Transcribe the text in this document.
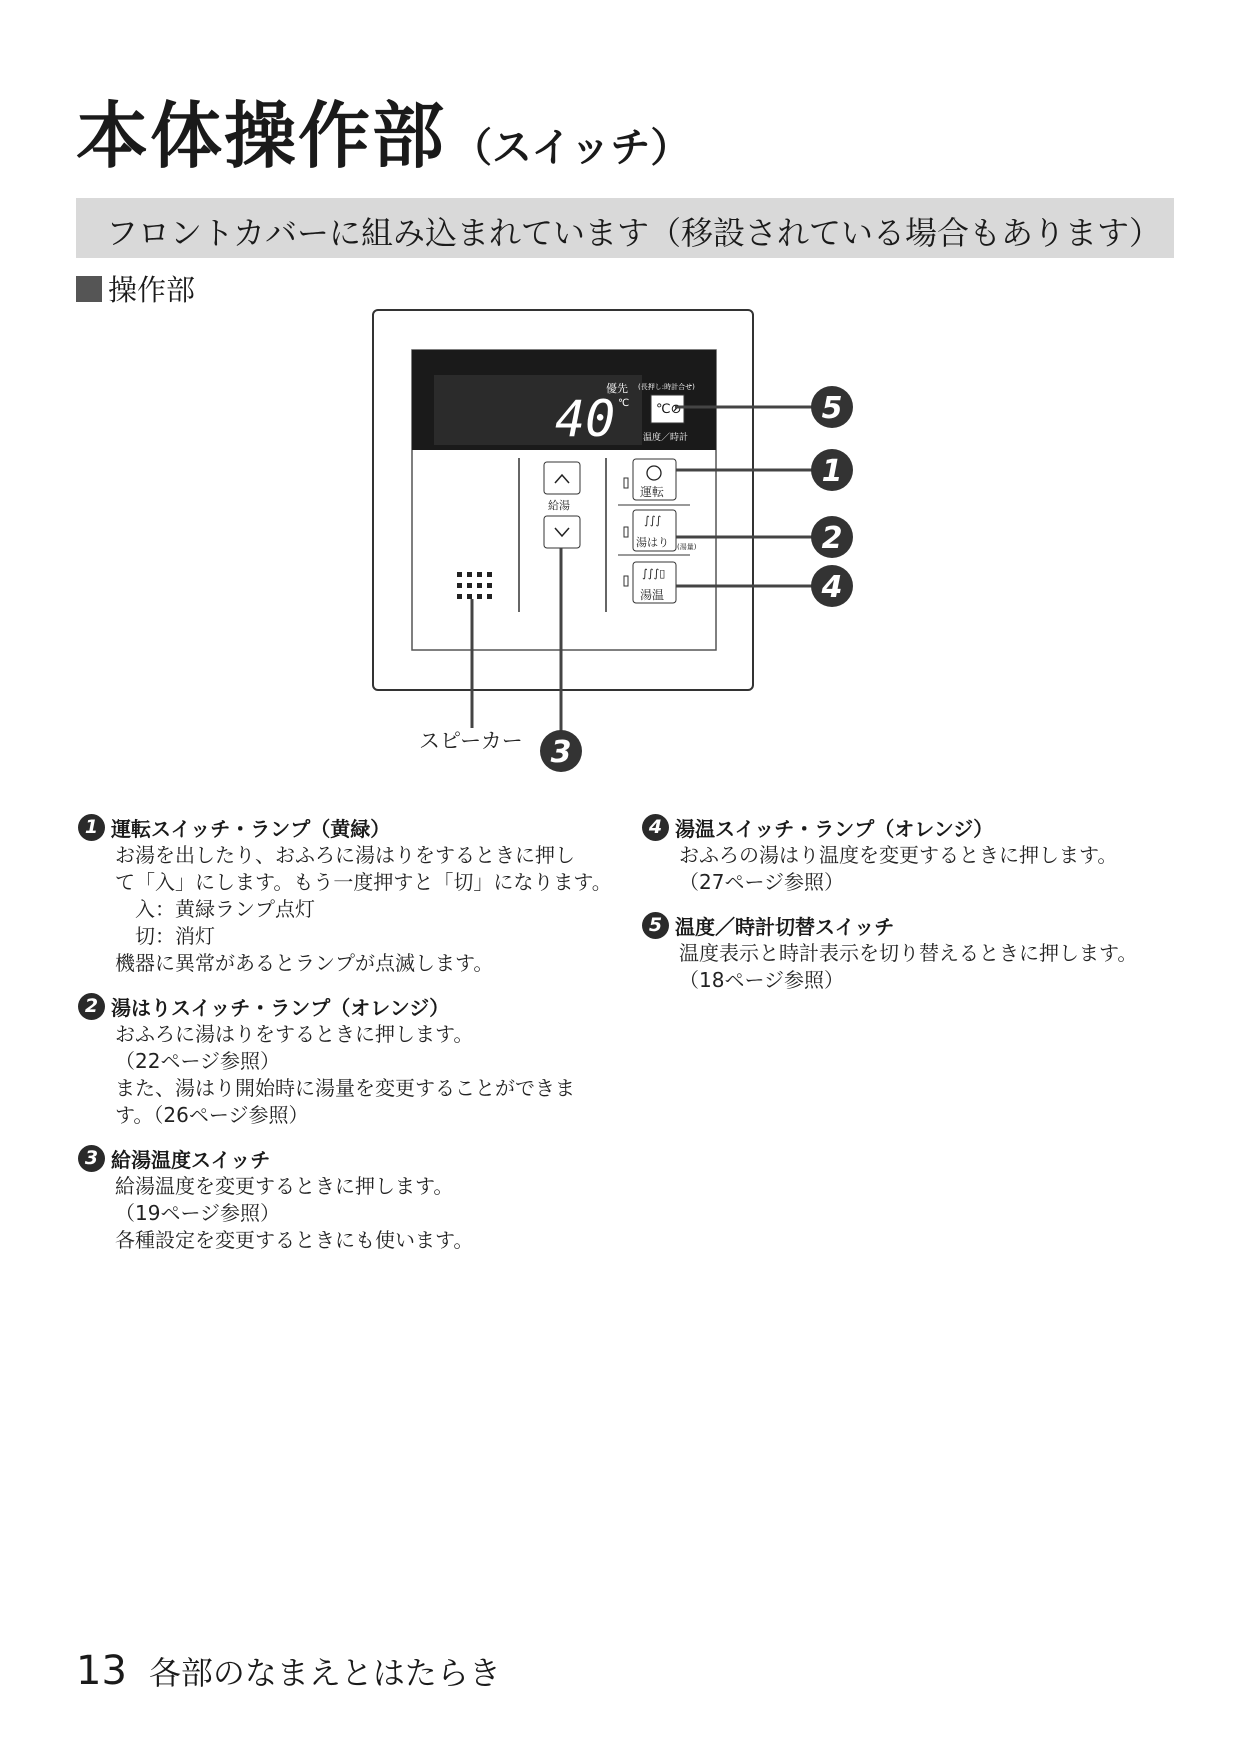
本体操作部 （スイッチ）
フロントカバーに組み込まれています（移設されている場合もあります）
操作部
優先
40 ℃
(長押し:時計合せ)
℃⊘
温度／時計
給湯
運転
∫∫∫
湯はり (湯量)
∫∫∫▯
湯温
5
1
2
4
3
スピーカー
1 運転スイッチ・ランプ（黄緑）
お湯を出したり、おふろに湯はりをするときに押し
て「入」にします。もう一度押すと「切」になります。
入：黄緑ランプ点灯
切：消灯
機器に異常があるとランプが点滅します。
2 湯はりスイッチ・ランプ（オレンジ）
おふろに湯はりをするときに押します。
（22ページ参照）
また、湯はり開始時に湯量を変更することができま
す。（26ページ参照）
3 給湯温度スイッチ
給湯温度を変更するときに押します。
（19ページ参照）
各種設定を変更するときにも使います。
4 湯温スイッチ・ランプ（オレンジ）
おふろの湯はり温度を変更するときに押します。
（27ページ参照）
5 温度／時計切替スイッチ
温度表示と時計表示を切り替えるときに押します。
（18ページ参照）
13 各部のなまえとはたらき
